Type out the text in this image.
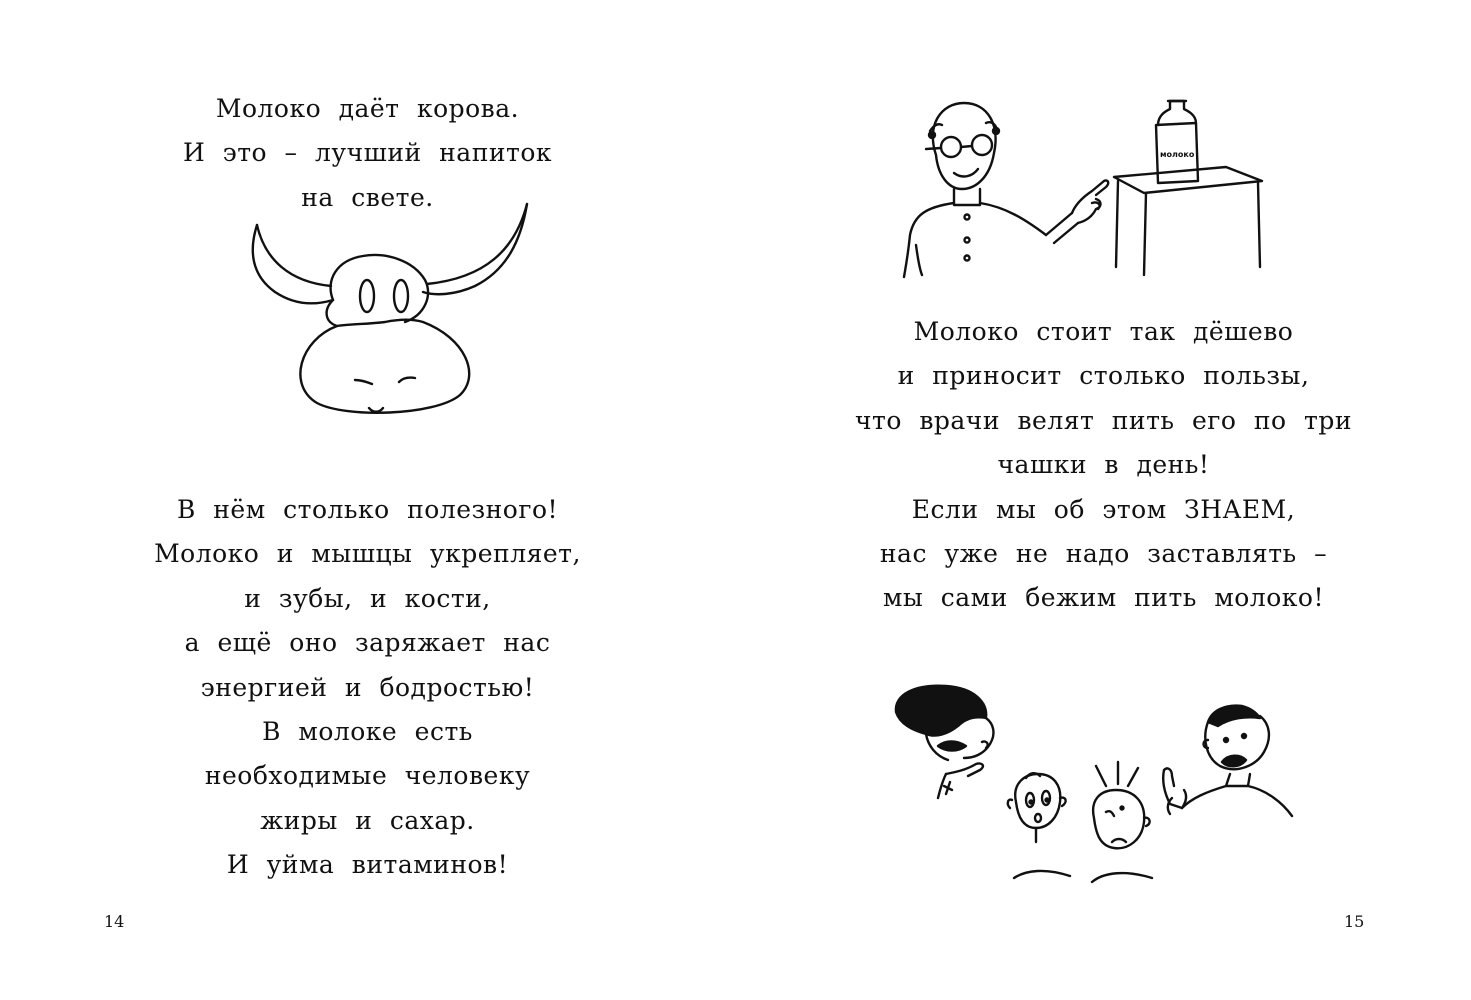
Молоко даёт корова.
И это – лучший напиток
на свете.
В нём столько полезного!
Молоко и мышцы укрепляет,
и зубы, и кости,
а ещё оно заряжает нас
энергией и бодростью!
В молоке есть
необходимые человеку
жиры и сахар.
И уйма витаминов!
14
молоко
Молоко стоит так дёшево
и приносит столько пользы,
что врачи велят пить его по три
чашки в день!
Если мы об этом ЗНАЕМ,
нас уже не надо заставлять –
мы сами бежим пить молоко!
15
